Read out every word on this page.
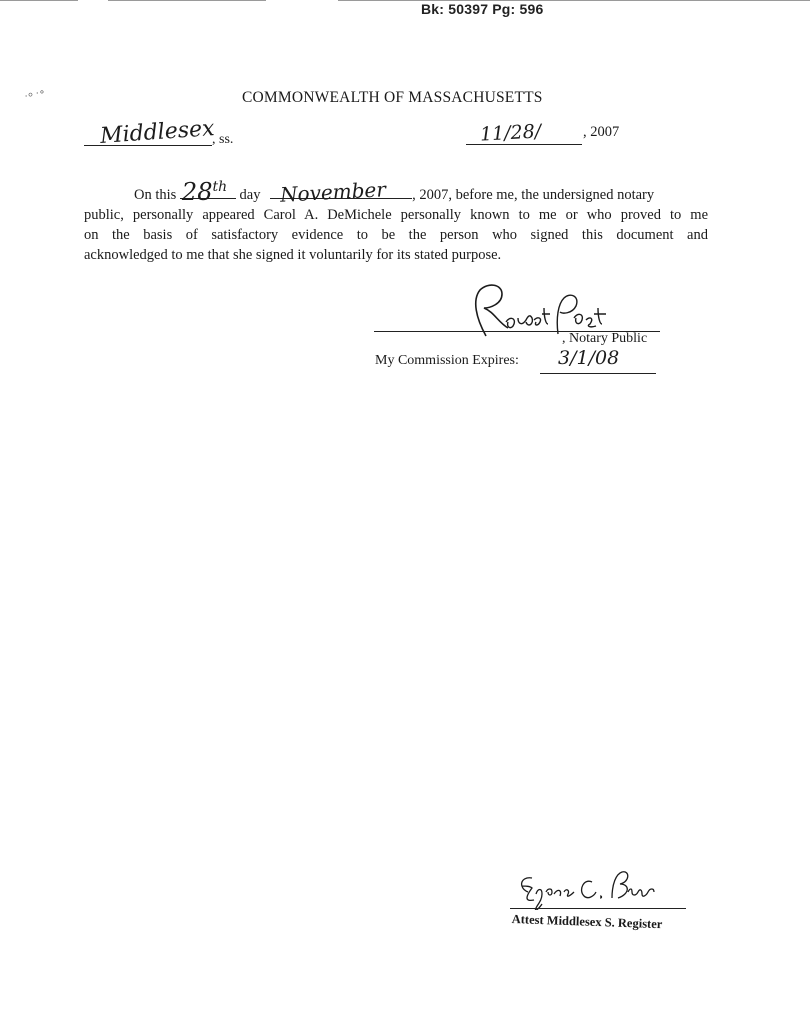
Bk: 50397 Pg: 596
·⸰ ·∘	COMMONWEALTH OF MASSACHUSETTS
Middlesex
, ss.	11/28/	, 2007
On this 28th day November , 2007, before me, the undersigned notary
public, personally appeared Carol A. DeMichele personally known to me or who proved to me
on the basis of satisfactory evidence to be the person who signed this document and
acknowledged to me that she signed it voluntarily for its stated purpose.
, Notary Public
My Commission Expires: 3/1/08
Attest Middlesex S. Register
